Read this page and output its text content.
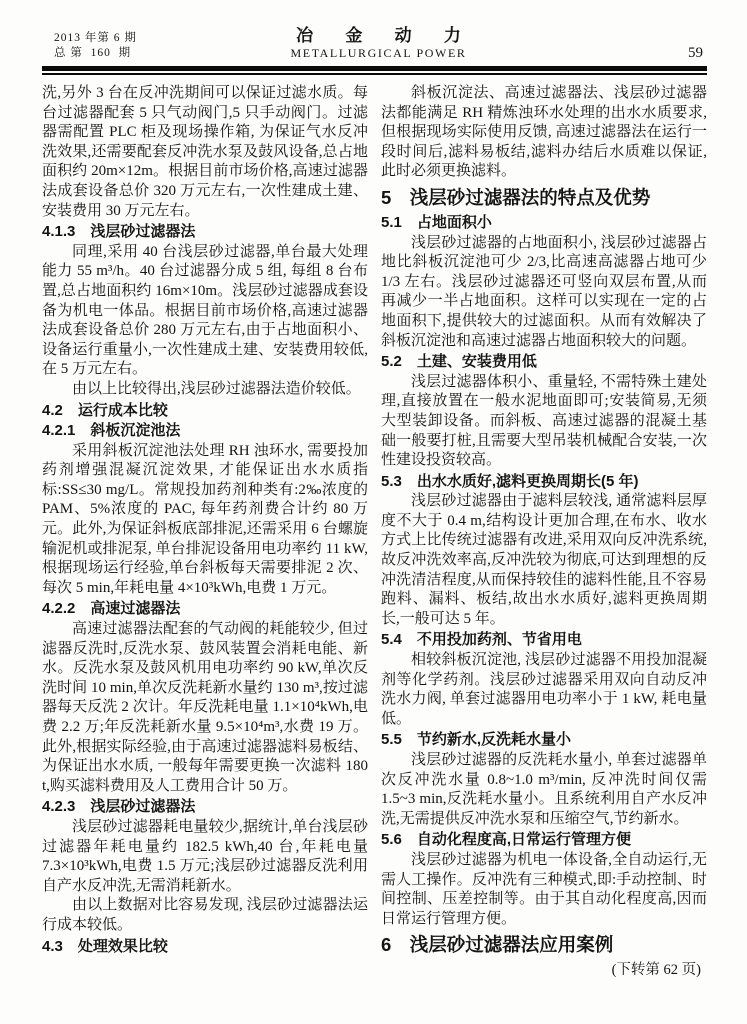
2013 年第 6 期
总 第  160  期
冶 金 动 力
METALLURGICAL POWER	59

洗,另外 3 台在反冲洗期间可以保证过滤水质。每台过滤器配套 5 只气动阀门,5 只手动阀门。过滤器需配置 PLC 柜及现场操作箱, 为保证气水反冲洗效果,还需要配套反冲洗水泵及鼓风设备,总占地面积约 20m×12m。根据目前市场价格,高速过滤器法成套设备总价 320 万元左右,一次性建成土建、安装费用 30 万元左右。

4.1.3　浅层砂过滤器法

同理,采用 40 台浅层砂过滤器,单台最大处理能力 55 m³/h。40 台过滤器分成 5 组, 每组 8 台布置,总占地面积约 16m×10m。浅层砂过滤器成套设备为机电一体品。根据目前市场价格,高速过滤器法成套设备总价 280 万元左右,由于占地面积小、设备运行重量小,一次性建成土建、安装费用较低,在 5 万元左右。

由以上比较得出,浅层砂过滤器法造价较低。

4.2　运行成本比较

4.2.1　斜板沉淀池法

采用斜板沉淀池法处理 RH 浊环水, 需要投加药剂增强混凝沉淀效果, 才能保证出水水质指标:SS≤30 mg/L。常规投加药剂种类有:2‰浓度的 PAM、5%浓度的 PAC, 每年药剂费合计约 80 万元。此外,为保证斜板底部排泥,还需采用 6 台螺旋输泥机或排泥泵, 单台排泥设备用电功率约 11 kW,根据现场运行经验,单台斜板每天需要排泥 2 次、每次 5 min,年耗电量 4×10³kWh,电费 1 万元。

4.2.2　高速过滤器法

高速过滤器法配套的气动阀的耗能较少, 但过滤器反洗时,反洗水泵、鼓风装置会消耗电能、新水。反洗水泵及鼓风机用电功率约 90 kW,单次反洗时间 10 min,单次反洗耗新水量约 130 m³,按过滤器每天反洗 2 次计。年反洗耗电量 1.1×10⁴kWh,电费 2.2 万;年反洗耗新水量 9.5×10⁴m³,水费 19 万。此外,根据实际经验,由于高速过滤器滤料易板结、为保证出水水质, 一般每年需要更换一次滤料 180 t,购买滤料费用及人工费用合计 50 万。

4.2.3　浅层砂过滤器法

浅层砂过滤器耗电量较少,据统计,单台浅层砂过滤器年耗电量约 182.5 kWh,40 台,年耗电量 7.3×10³kWh,电费 1.5 万元;浅层砂过滤器反洗利用自产水反冲洗,无需消耗新水。

由以上数据对比容易发现, 浅层砂过滤器法运行成本较低。

4.3　处理效果比较

斜板沉淀法、高速过滤器法、浅层砂过滤器法都能满足 RH 精炼浊环水处理的出水水质要求, 但根据现场实际使用反馈, 高速过滤器法在运行一段时间后,滤料易板结,滤料办结后水质难以保证,此时必须更换滤料。

5　浅层砂过滤器法的特点及优势

5.1　占地面积小

浅层砂过滤器的占地面积小, 浅层砂过滤器占地比斜板沉淀池可少 2/3,比高速高滤器占地可少 1/3 左右。浅层砂过滤器还可竖向双层布置,从而再减少一半占地面积。这样可以实现在一定的占地面积下,提供较大的过滤面积。从而有效解决了斜板沉淀池和高速过滤器占地面积较大的问题。

5.2　土建、安装费用低

浅层过滤器体积小、重量轻, 不需特殊土建处理,直接放置在一般水泥地面即可;安装简易,无须大型装卸设备。而斜板、高速过滤器的混凝土基础一般要打桩,且需要大型吊装机械配合安装,一次性建设投资较高。

5.3　出水水质好,滤料更换周期长(5 年)

浅层砂过滤器由于滤料层较浅, 通常滤料层厚度不大于 0.4 m,结构设计更加合理,在布水、收水方式上比传统过滤器有改进,采用双向反冲洗系统,故反冲洗效率高,反冲洗较为彻底,可达到理想的反冲洗清洁程度,从而保持较佳的滤料性能,且不容易跑料、漏料、板结,故出水水质好,滤料更换周期长,一般可达 5 年。

5.4　不用投加药剂、节省用电

相较斜板沉淀池, 浅层砂过滤器不用投加混凝剂等化学药剂。浅层砂过滤器采用双向自动反冲洗水力阀, 单套过滤器用电功率小于 1 kW, 耗电量低。

5.5　节约新水,反洗耗水量小

浅层砂过滤器的反洗耗水量小, 单套过滤器单次反冲洗水量 0.8~1.0 m³/min, 反冲洗时间仅需 1.5~3 min,反洗耗水量小。且系统利用自产水反冲洗,无需提供反冲洗水泵和压缩空气,节约新水。

5.6　自动化程度高,日常运行管理方便

浅层砂过滤器为机电一体设备,全自动运行,无需人工操作。反冲洗有三种模式,即:手动控制、时间控制、压差控制等。由于其自动化程度高,因而日常运行管理方便。

6　浅层砂过滤器法应用案例

(下转第 62 页)
